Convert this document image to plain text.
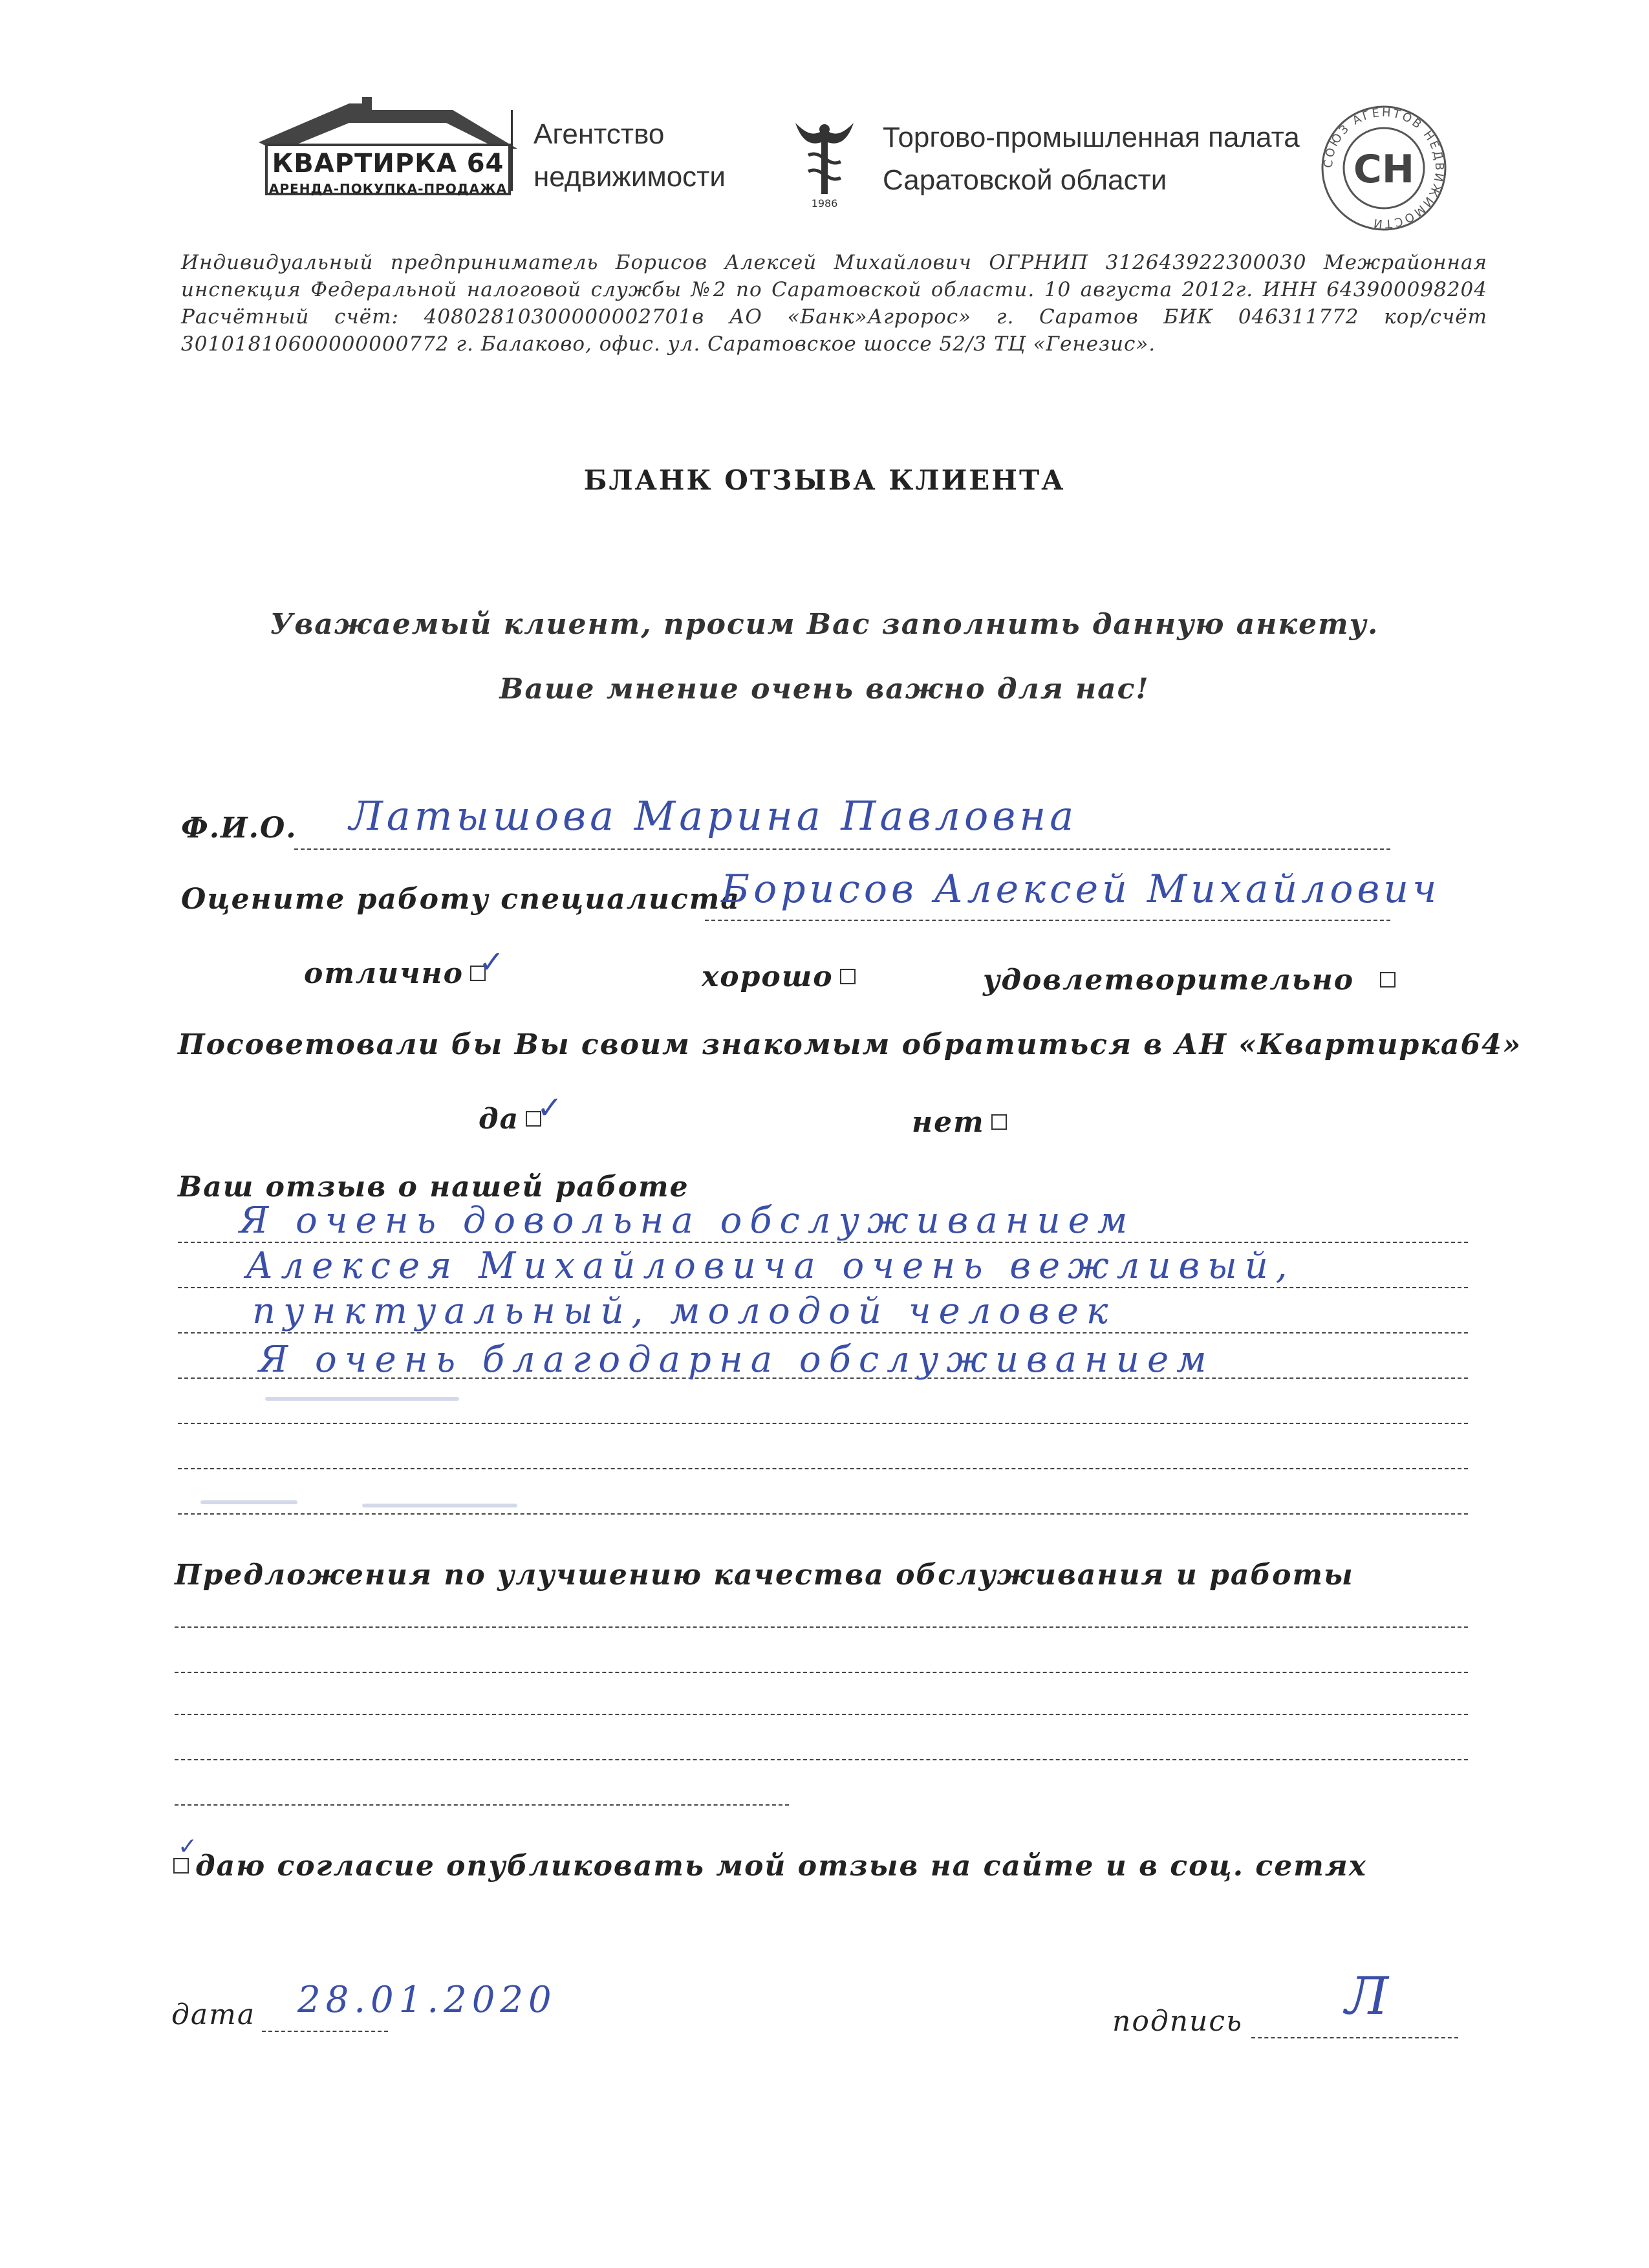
КВАРТИРКА 64
АРЕНДА-ПОКУПКА-ПРОДАЖА
Агентство
недвижимости
1986
Торгово-промышленная палата
Саратовской области
СОЮЗ АГЕНТОВ НЕДВИЖИМОСТИ
СН
Индивидуальный предприниматель Борисов Алексей Михайлович ОГРНИП 312643922300030 Межрайонная инспекция Федеральной налоговой службы №2 по Саратовской области. 10 августа 2012г. ИНН 643900098204 Расчётный счёт: 40802810300000002701в АО «Банк»Агророс» г. Саратов БИК 046311772 кор/счёт 30101810600000000772 г. Балаково, офис. ул. Саратовское шоссе 52/3 ТЦ «Генезис».
БЛАНК ОТЗЫВА КЛИЕНТА
Уважаемый клиент, просим Вас заполнить данную анкету.
Ваше мнение очень важно для нас!
Ф.И.О. Латышова Марина Павловна
Оцените работу специалиста
Борисов Алексей Михайлович
отлично ✓	хорошо	удовлетворительно
Посоветовали бы Вы своим знакомым обратиться в АН «Квартирка64»
да ✓	нет
Ваш отзыв о нашей работе
Я очень довольна обслуживанием
Алексея Михайловича очень вежливый,
пунктуальный, молодой человек
Я очень благодарна обслуживанием
Предложения по улучшению качества обслуживания и работы
даю согласие опубликовать мой отзыв на сайте и в соц. сетях
✓
дата 28.01.2020
подпись Л
